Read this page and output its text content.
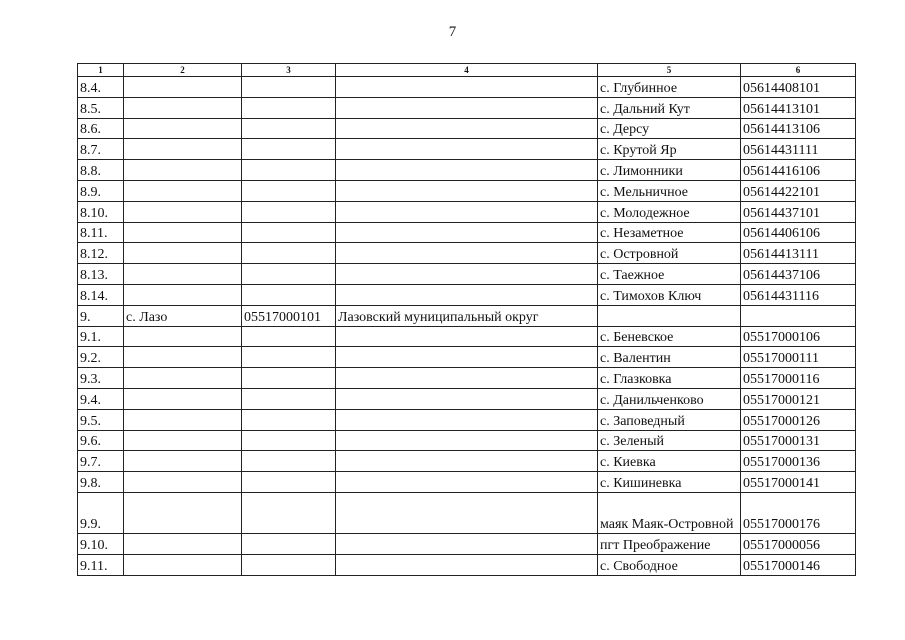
7
1	2	3	4	5	6
8.4.				с. Глубинное	05614408101
8.5.				с. Дальний Кут	05614413101
8.6.				с. Дерсу	05614413106
8.7.				с. Крутой Яр	05614431111
8.8.				с. Лимонники	05614416106
8.9.				с. Мельничное	05614422101
8.10.				с. Молодежное	05614437101
8.11.				с. Незаметное	05614406106
8.12.				с. Островной	05614413111
8.13.				с. Таежное	05614437106
8.14.				с. Тимохов Ключ	05614431116
9.	с. Лазо	05517000101	Лазовский муниципальный округ		
9.1.				с. Беневское	05517000106
9.2.				с. Валентин	05517000111
9.3.				с. Глазковка	05517000116
9.4.				с. Данильченково	05517000121
9.5.				с. Заповедный	05517000126
9.6.				с. Зеленый	05517000131
9.7.				с. Киевка	05517000136
9.8.				с. Кишиневка	05517000141
9.9.				маяк Маяк-Островной	05517000176
9.10.				пгт Преображение	05517000056
9.11.				с. Свободное	05517000146
